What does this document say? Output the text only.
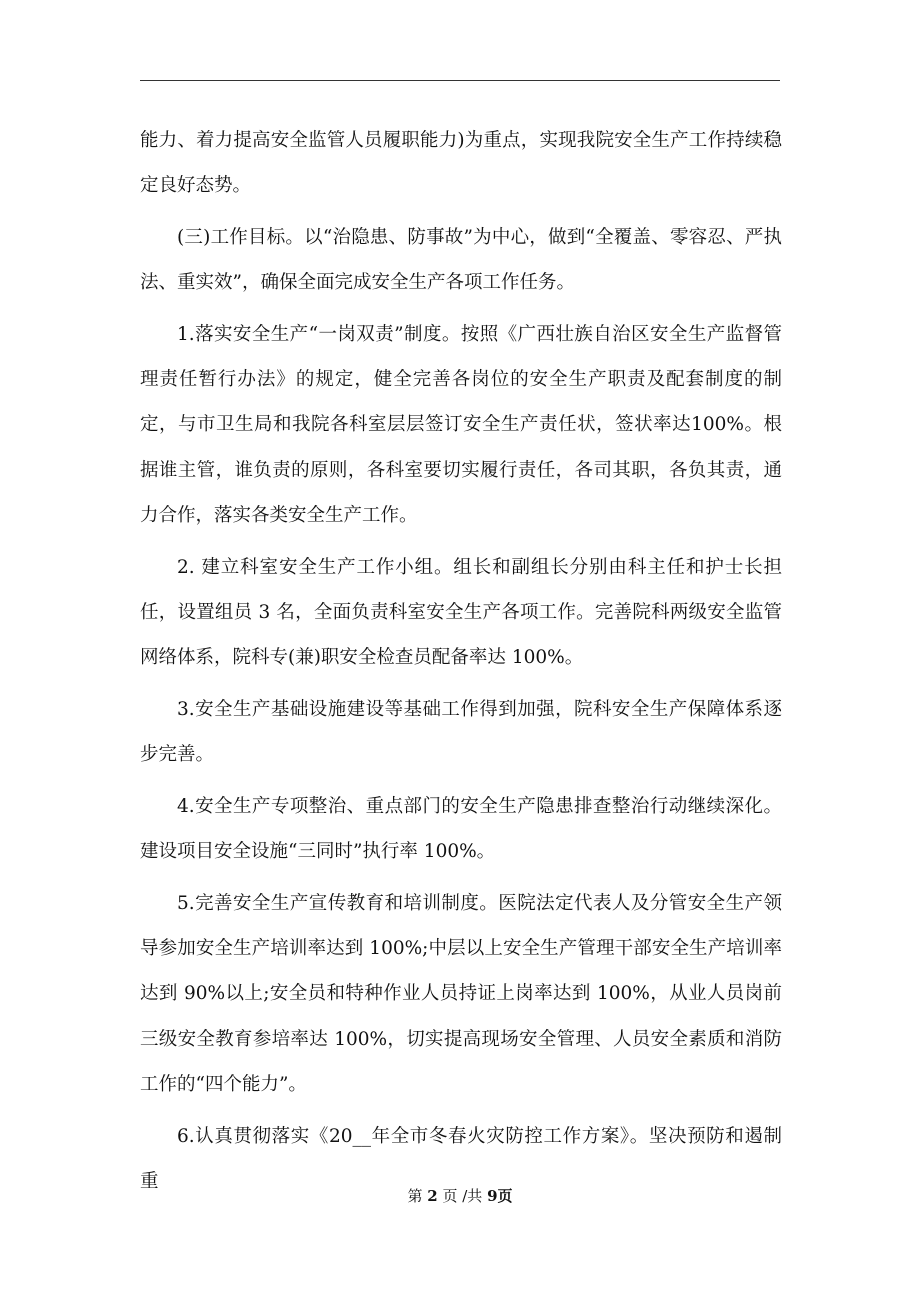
能力、着力提高安全监管人员履职能力)为重点，实现我院安全生产工作持续稳定良好态势。

(三)工作目标。以“治隐患、防事故”为中心，做到“全覆盖、零容忍、严执法、重实效”，确保全面完成安全生产各项工作任务。

1.落实安全生产“一岗双责”制度。按照《广西壮族自治区安全生产监督管理责任暂行办法》的规定，健全完善各岗位的安全生产职责及配套制度的制定，与市卫生局和我院各科室层层签订安全生产责任状，签状率达100%。根据谁主管，谁负责的原则，各科室要切实履行责任，各司其职，各负其责，通力合作，落实各类安全生产工作。

2. 建立科室安全生产工作小组。组长和副组长分别由科主任和护士长担任，设置组员 3 名，全面负责科室安全生产各项工作。完善院科两级安全监管网络体系，院科专(兼)职安全检查员配备率达 100%。

3.安全生产基础设施建设等基础工作得到加强，院科安全生产保障体系逐步完善。

4.安全生产专项整治、重点部门的安全生产隐患排查整治行动继续深化。建设项目安全设施“三同时”执行率 100%。

5.完善安全生产宣传教育和培训制度。医院法定代表人及分管安全生产领导参加安全生产培训率达到 100%;中层以上安全生产管理干部安全生产培训率达到 90%以上;安全员和特种作业人员持证上岗率达到 100%，从业人员岗前三级安全教育参培率达 100%，切实提高现场安全管理、人员安全素质和消防工作的“四个能力”。

6.认真贯彻落实《20__年全市冬春火灾防控工作方案》。坚决预防和遏制重

第 2 页 /共 9页
